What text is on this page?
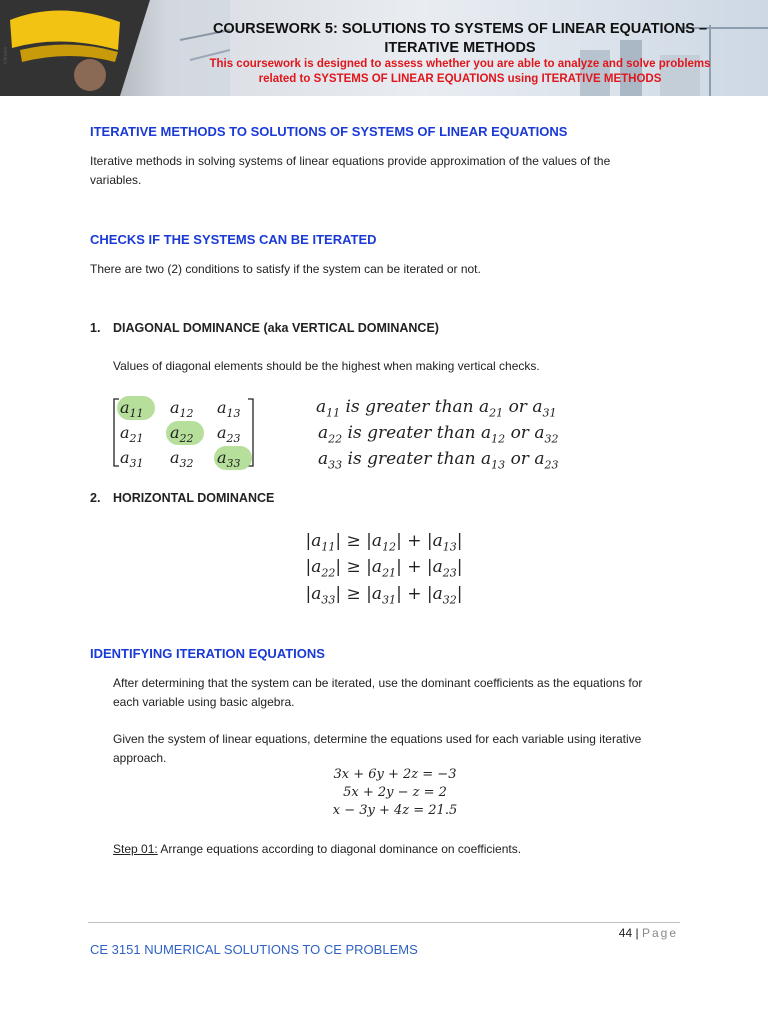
Ultratek
COURSEWORK 5: SOLUTIONS TO SYSTEMS OF LINEAR EQUATIONS –
ITERATIVE METHODS
This coursework is designed to assess whether you are able to analyze and solve problems
related to SYSTEMS OF LINEAR EQUATIONS using ITERATIVE METHODS
ITERATIVE METHODS TO SOLUTIONS OF SYSTEMS OF LINEAR EQUATIONS
Iterative methods in solving systems of linear equations provide approximation of the values of the
variables.
CHECKS IF THE SYSTEMS CAN BE ITERATED
There are two (2) conditions to satisfy if the system can be iterated or not.
1. DIAGONAL DOMINANCE (aka VERTICAL DOMINANCE)
Values of diagonal elements should be the highest when making vertical checks.
$a_{11}$ $a_{12}$ $a_{13}$
$a_{21}$ $a_{22}$ $a_{23}$
$a_{31}$ $a_{32}$ $a_{33}$
$a_{11}$ is greater than $a_{21}$ or $a_{31}$
$a_{22}$ is greater than $a_{12}$ or $a_{32}$
$a_{33}$ is greater than $a_{13}$ or $a_{23}$
2. HORIZONTAL DOMINANCE
$|a_{11}| \ge |a_{12}| + |a_{13}|$
$|a_{22}| \ge |a_{21}| + |a_{23}|$
$|a_{33}| \ge |a_{31}| + |a_{32}|$
IDENTIFYING ITERATION EQUATIONS
After determining that the system can be iterated, use the dominant coefficients as the equations for
each variable using basic algebra.
Given the system of linear equations, determine the equations used for each variable using iterative
approach.
3x + 6y + 2z = −3
5x + 2y − z = 2
x − 3y + 4z = 21.5
Step 01: Arrange equations according to diagonal dominance on coefficients.
44 | Page
CE 3151 NUMERICAL SOLUTIONS TO CE PROBLEMS
